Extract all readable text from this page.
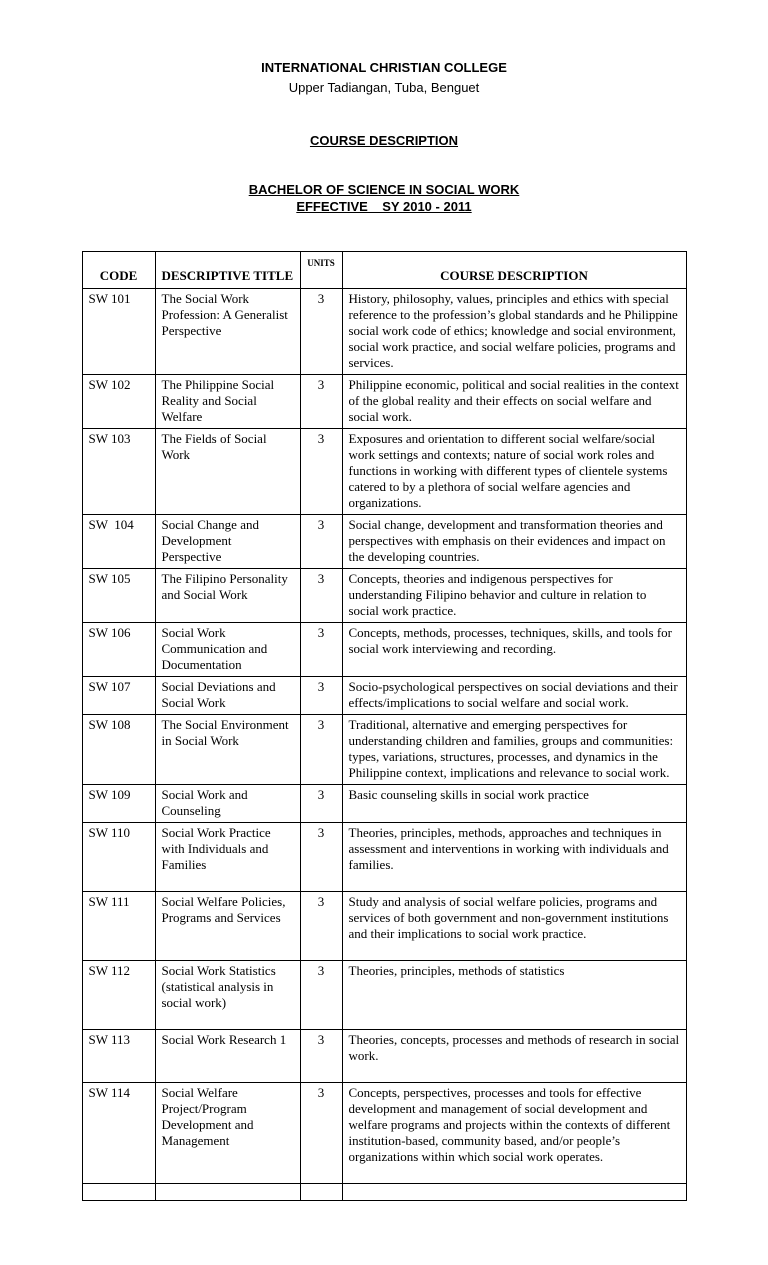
INTERNATIONAL CHRISTIAN COLLEGE
Upper Tadiangan, Tuba, Benguet
COURSE DESCRIPTION
BACHELOR OF SCIENCE IN SOCIAL WORK
EFFECTIVE    SY 2010 - 2011
CODE	DESCRIPTIVE TITLE	UNITS	COURSE DESCRIPTION
SW 101	The Social Work Profession: A Generalist Perspective	3	History, philosophy, values, principles and ethics with special reference to the profession’s global standards and he Philippine social work code of ethics; knowledge and social environment, social work practice, and social welfare policies, programs and services.
SW 102	The Philippine Social Reality and Social Welfare	3	Philippine economic, political and social realities in the context of the global reality and their effects on social welfare and social work.
SW 103	The Fields of Social Work	3	Exposures and orientation to different social welfare/social work settings and contexts; nature of social work roles and functions in working with different types of clientele systems catered to by a plethora of social welfare agencies and organizations.
SW  104	Social Change and Development Perspective	3	Social change, development and transformation theories and perspectives with emphasis on their evidences and impact on the developing countries.
SW 105	The Filipino Personality and Social Work	3	Concepts, theories and indigenous perspectives for understanding Filipino behavior and culture in relation to social work practice.
SW 106	Social Work Communication and Documentation	3	Concepts, methods, processes, techniques, skills, and tools for social work interviewing and recording.
SW 107	Social Deviations and Social Work	3	Socio-psychological perspectives on social deviations and their effects/implications to social welfare and social work.
SW 108	The Social Environment in Social Work	3	Traditional, alternative and emerging perspectives for understanding children and families, groups and communities: types, variations, structures, processes, and dynamics in the Philippine context, implications and relevance to social work.
SW 109	Social Work and Counseling	3	Basic counseling skills in social work practice
SW 110	Social Work Practice with Individuals and Families	3	Theories, principles, methods, approaches and techniques in assessment and interventions in working with individuals and families.
SW 111	Social Welfare Policies, Programs and Services	3	Study and analysis of social welfare policies, programs and services of both government and non-government institutions and their implications to social work practice.
SW 112	Social Work Statistics (statistical analysis in social work)	3	Theories, principles, methods of statistics
SW 113	Social Work Research 1	3	Theories, concepts, processes and methods of research in social work.
SW 114	Social Welfare Project/Program Development and Management	3	Concepts, perspectives, processes and tools for effective development and management of social development and welfare programs and projects within the contexts of different institution-based, community based, and/or people’s organizations within which social work operates.
